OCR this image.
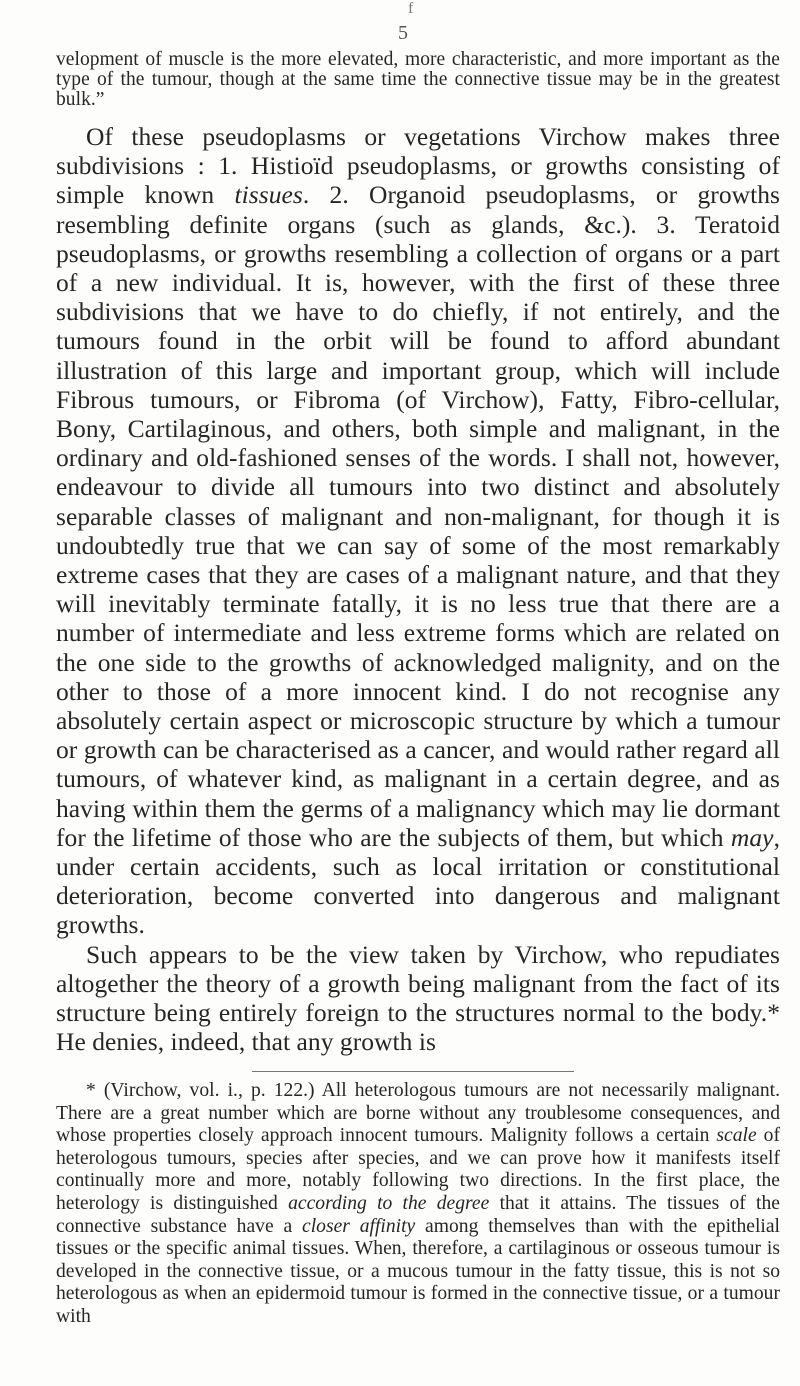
f
5

velopment of muscle is the more elevated, more characteristic, and more important as the type of the tumour, though at the same time the connective tissue may be in the greatest bulk.”

Of these pseudoplasms or vegetations Virchow makes three subdivisions : 1. Histioïd pseudoplasms, or growths consisting of simple known tissues. 2. Organoid pseudoplasms, or growths resembling definite organs (such as glands, &c.). 3. Teratoid pseudoplasms, or growths resembling a collection of organs or a part of a new individual. It is, however, with the first of these three subdivisions that we have to do chiefly, if not entirely, and the tumours found in the orbit will be found to afford abundant illustration of this large and important group, which will include Fibrous tumours, or Fibroma (of Virchow), Fatty, Fibro-cellular, Bony, Cartilaginous, and others, both simple and malignant, in the ordinary and old-fashioned senses of the words. I shall not, however, endeavour to divide all tumours into two distinct and absolutely separable classes of malignant and non-malignant, for though it is undoubtedly true that we can say of some of the most remarkably extreme cases that they are cases of a malignant nature, and that they will inevitably terminate fatally, it is no less true that there are a number of intermediate and less extreme forms which are related on the one side to the growths of acknowledged malignity, and on the other to those of a more innocent kind. I do not recognise any absolutely certain aspect or microscopic structure by which a tumour or growth can be characterised as a cancer, and would rather regard all tumours, of whatever kind, as malignant in a certain degree, and as having within them the germs of a malignancy which may lie dormant for the lifetime of those who are the subjects of them, but which may, under certain accidents, such as local irritation or constitutional deterioration, become converted into dangerous and malignant growths.

Such appears to be the view taken by Virchow, who repudiates altogether the theory of a growth being malignant from the fact of its structure being entirely foreign to the structures normal to the body.* He denies, indeed, that any growth is

* (Virchow, vol. i., p. 122.) All heterologous tumours are not necessarily malignant. There are a great number which are borne without any troublesome consequences, and whose properties closely approach innocent tumours. Malignity follows a certain scale of heterologous tumours, species after species, and we can prove how it manifests itself continually more and more, notably following two directions. In the first place, the heterology is distinguished according to the degree that it attains. The tissues of the connective substance have a closer affinity among themselves than with the epithelial tissues or the specific animal tissues. When, therefore, a cartilaginous or osseous tumour is developed in the connective tissue, or a mucous tumour in the fatty tissue, this is not so heterologous as when an epidermoid tumour is formed in the connective tissue, or a tumour with
